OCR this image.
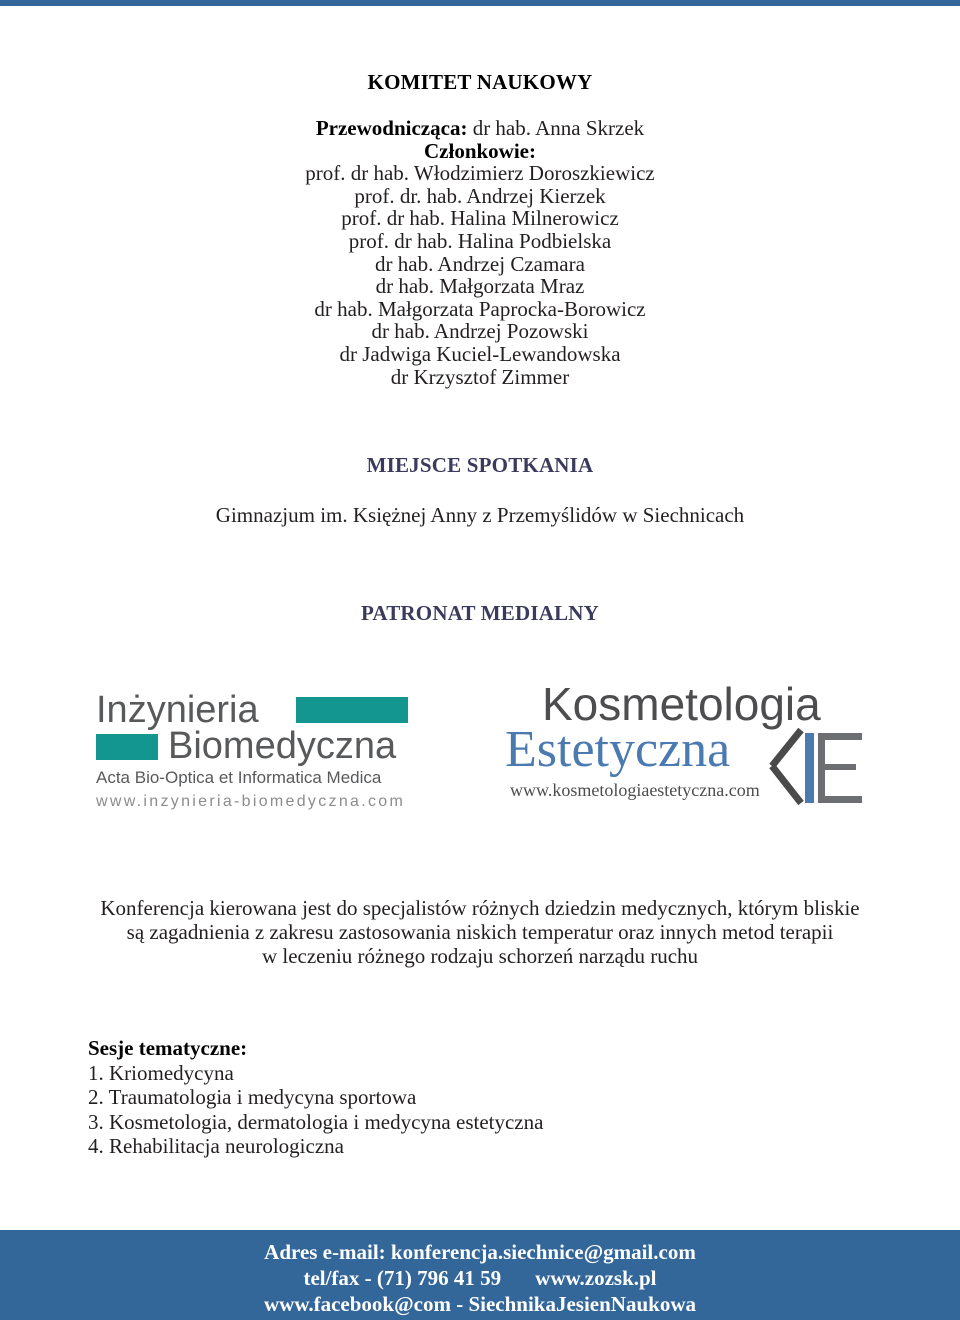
KOMITET NAUKOWY
Przewodnicząca: dr hab. Anna Skrzek
Członkowie:
prof. dr hab. Włodzimierz Doroszkiewicz
prof. dr. hab. Andrzej Kierzek
prof. dr hab. Halina Milnerowicz
prof. dr hab. Halina Podbielska
dr hab. Andrzej Czamara
dr hab. Małgorzata Mraz
dr hab. Małgorzata Paprocka-Borowicz
dr hab. Andrzej Pozowski
dr Jadwiga Kuciel-Lewandowska
dr Krzysztof Zimmer
MIEJSCE SPOTKANIA
Gimnazjum im. Księżnej Anny z Przemyślidów w Siechnicach
PATRONAT MEDIALNY
Inżynieria
Biomedyczna
Acta Bio-Optica et Informatica Medica
www.inzynieria-biomedyczna.com
Kosmetologia
Estetyczna
www.kosmetologiaestetyczna.com
Konferencja kierowana jest do specjalistów różnych dziedzin medycznych, którym bliskie
są zagadnienia z zakresu zastosowania niskich temperatur oraz innych metod terapii
w leczeniu różnego rodzaju schorzeń narządu ruchu
Sesje tematyczne:
1. Kriomedycyna
2. Traumatologia i medycyna sportowa
3. Kosmetologia, dermatologia i medycyna estetyczna
4. Rehabilitacja neurologiczna
Adres e-mail: konferencja.siechnice@gmail.com
tel/fax - (71) 796 41 59 www.zozsk.pl
www.facebook@com - SiechnikaJesienNaukowa
